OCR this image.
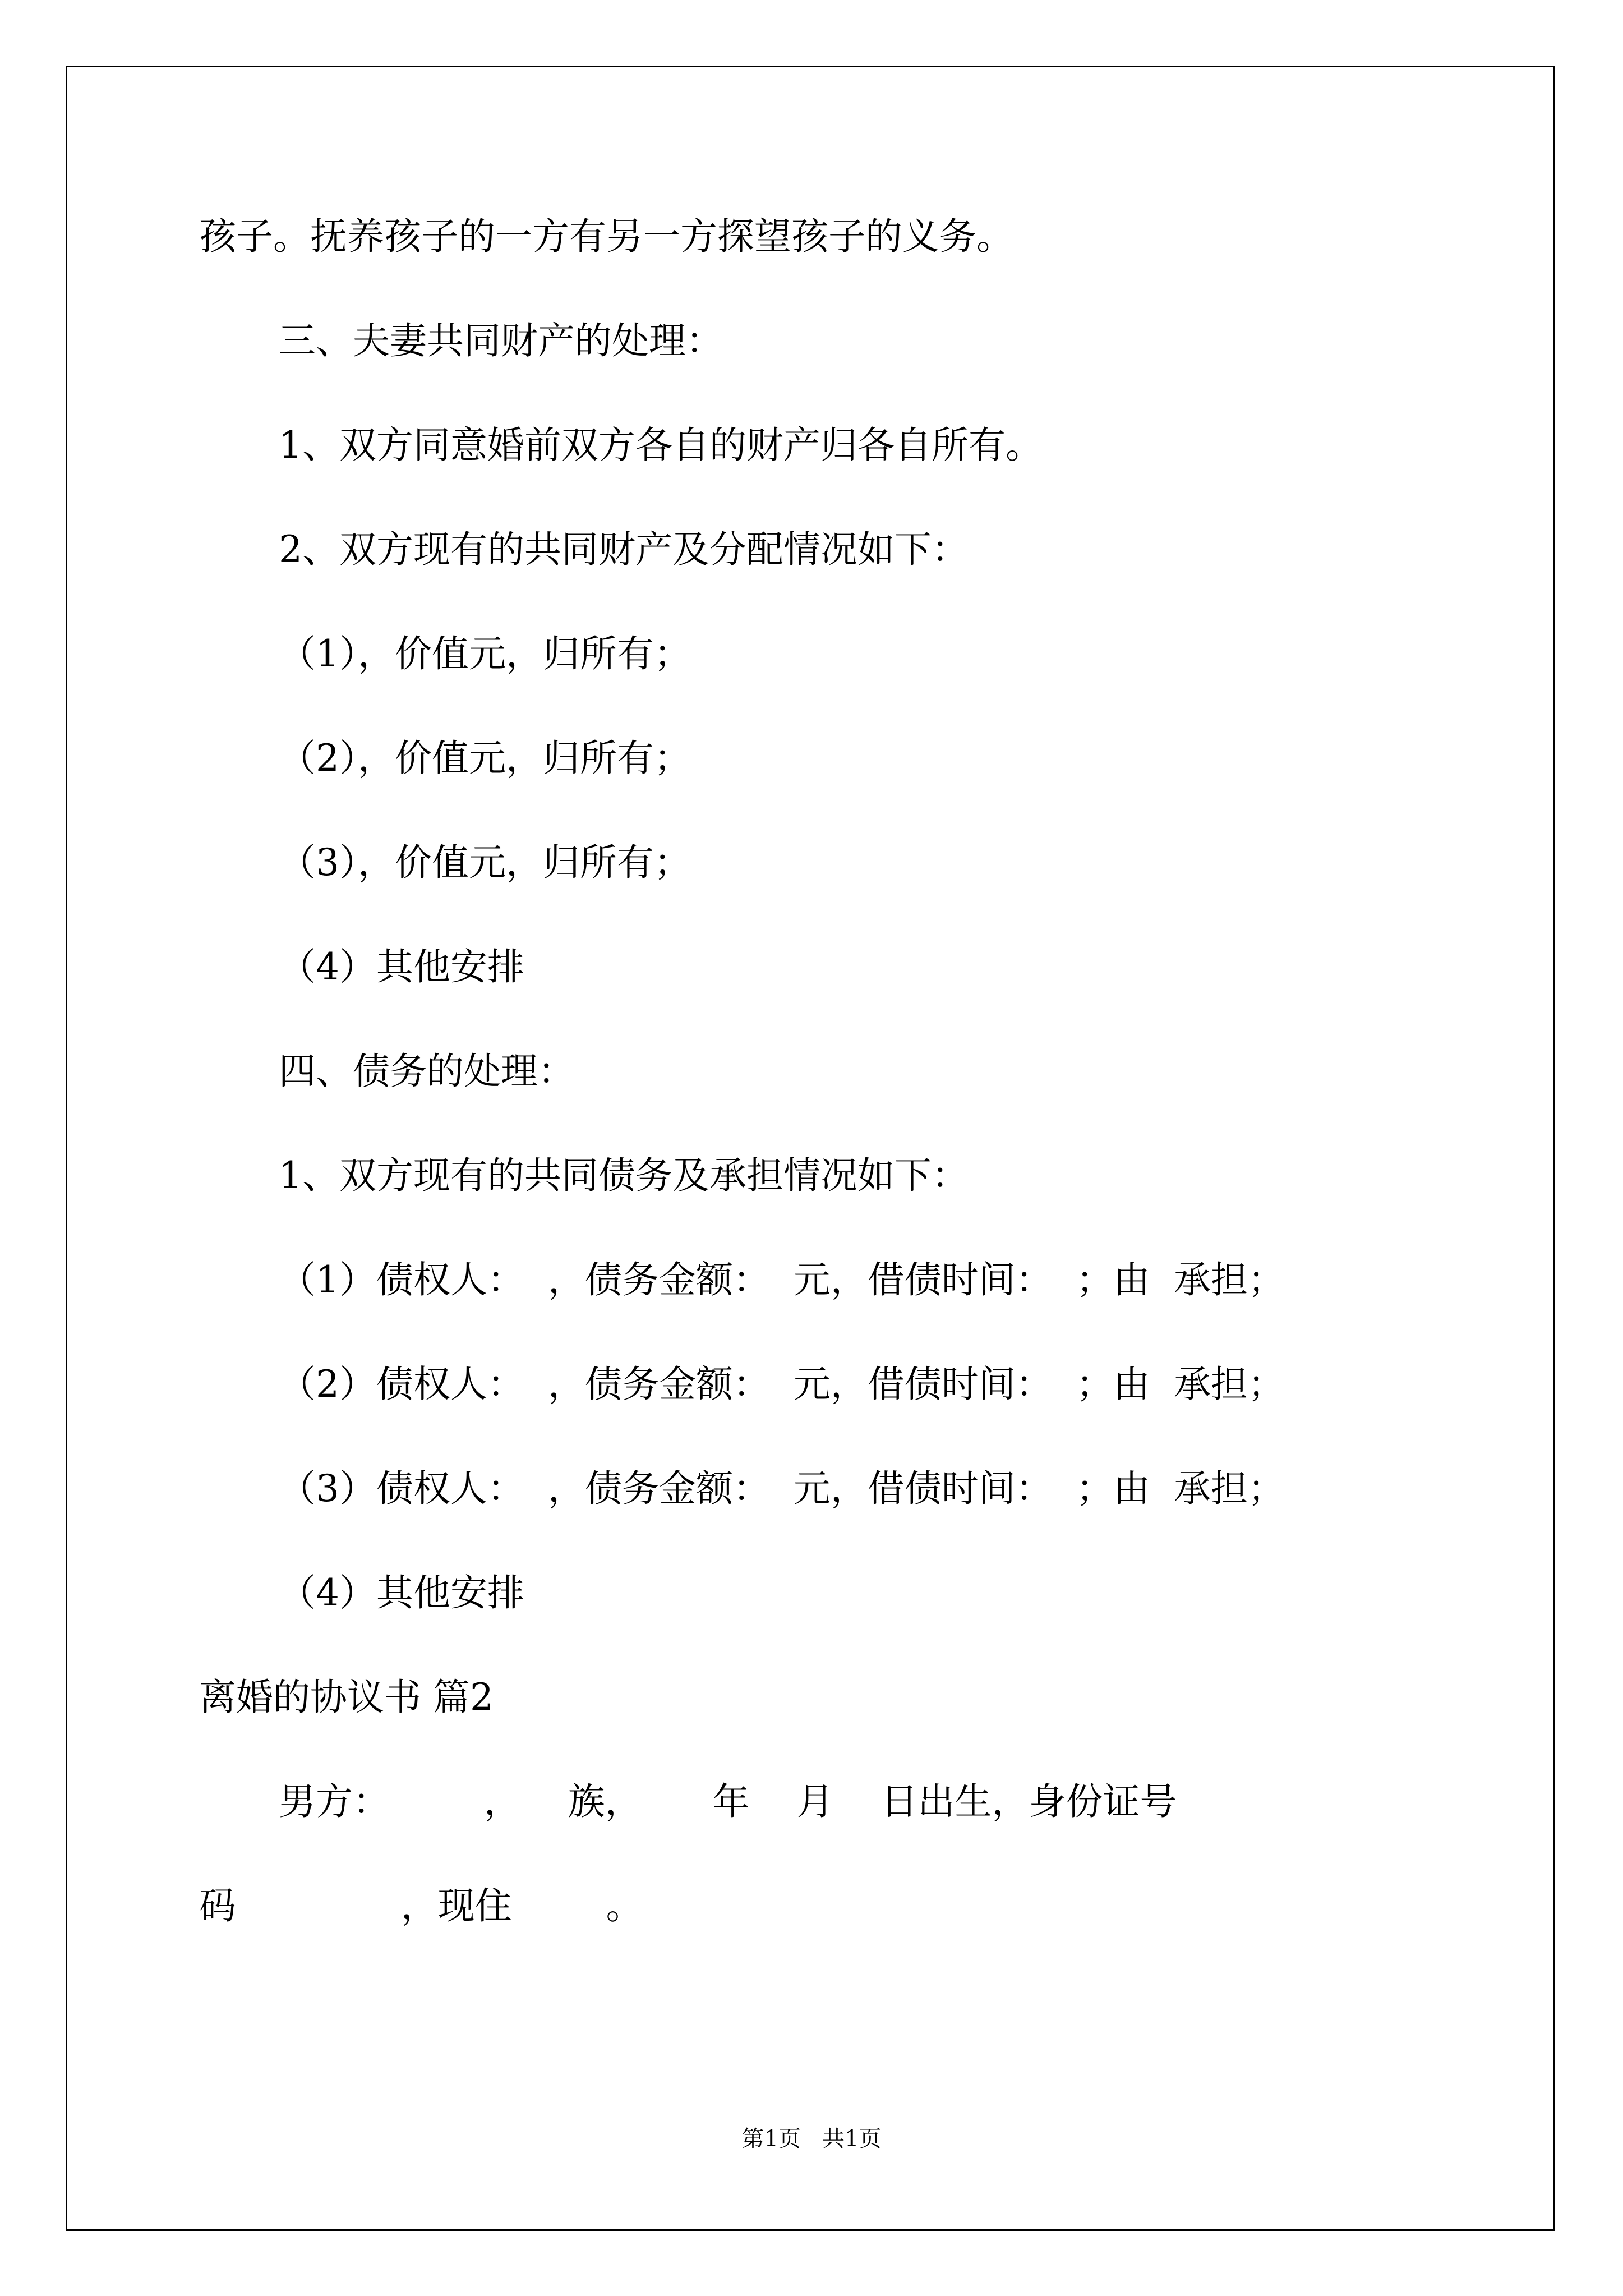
孩子。抚养孩子的一方有另一方探望孩子的义务。

三、夫妻共同财产的处理：

1、双方同意婚前双方各自的财产归各自所有。

2、双方现有的共同财产及分配情况如下：

（1），价值元，归所有；

（2），价值元，归所有；

（3），价值元，归所有；

（4）其他安排

四、债务的处理：

1、双方现有的共同债务及承担情况如下：

（1）债权人：  ，债务金额：  元，借债时间：  ；由  承担；

（2）债权人：  ，债务金额：  元，借债时间：  ；由  承担；

（3）债权人：  ，债务金额：  元，借债时间：  ；由  承担；

（4）其他安排

离婚的协议书 篇2

男方：        ，    族，      年    月    日出生，身份证号

码              ，现住        。

第1页   共1页
